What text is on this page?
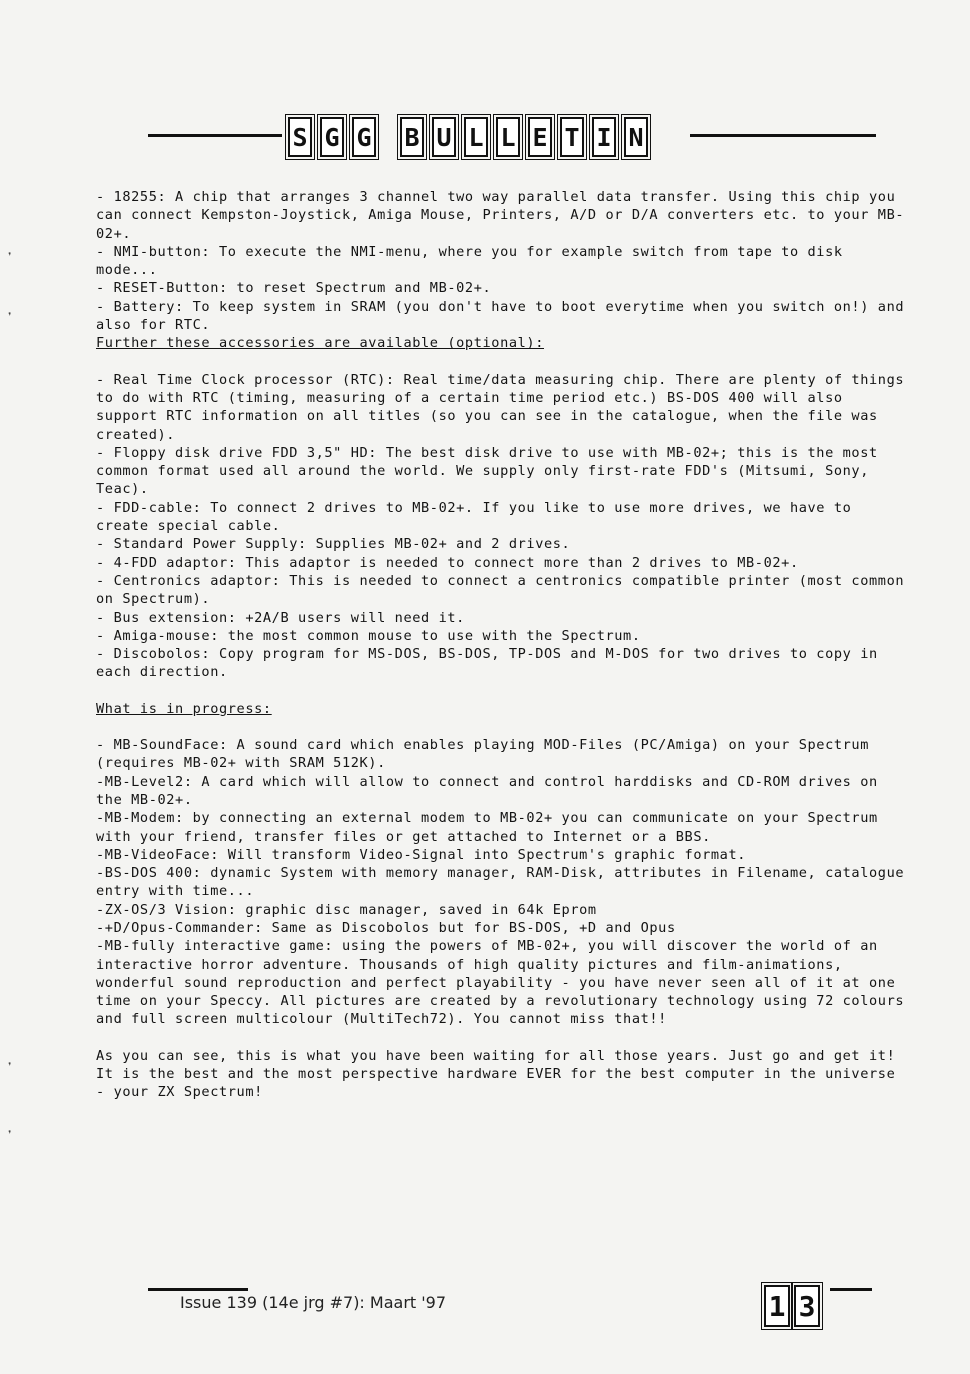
S G G B U L L E T I N

- 18255: A chip that arranges 3 channel two way parallel data transfer. Using this chip you can connect Kempston-Joystick, Amiga Mouse, Printers, A/D or D/A converters etc. to your MB-02+.

- NMI-button: To execute the NMI-menu, where you for example switch from tape to disk mode...

- RESET-Button: to reset Spectrum and MB-02+.

- Battery: To keep system in SRAM (you don't have to boot everytime when you switch on!) and also for RTC.

Further these accessories are available (optional):

- Real Time Clock processor (RTC): Real time/data measuring chip. There are plenty of things to do with RTC (timing, measuring of a certain time period etc.) BS-DOS 400 will also support RTC information on all titles (so you can see in the catalogue, when the file was created).

- Floppy disk drive FDD 3,5" HD: The best disk drive to use with MB-02+; this is the most common format used all around the world. We supply only first-rate FDD's (Mitsumi, Sony, Teac).

- FDD-cable: To connect 2 drives to MB-02+. If you like to use more drives, we have to create special cable.

- Standard Power Supply: Supplies MB-02+ and 2 drives.

- 4-FDD adaptor: This adaptor is needed to connect more than 2 drives to MB-02+.

- Centronics adaptor: This is needed to connect a centronics compatible printer (most common on Spectrum).

- Bus extension: +2A/B users will need it.

- Amiga-mouse: the most common mouse to use with the Spectrum.

- Discobolos: Copy program for MS-DOS, BS-DOS, TP-DOS and M-DOS for two drives to copy in each direction.

What is in progress:

- MB-SoundFace: A sound card which enables playing MOD-Files (PC/Amiga) on your Spectrum (requires MB-02+ with SRAM 512K).

-MB-Level2: A card which will allow to connect and control harddisks and CD-ROM drives on the MB-02+.

-MB-Modem: by connecting an external modem to MB-02+ you can communicate on your Spectrum with your friend, transfer files or get attached to Internet or a BBS.

-MB-VideoFace: Will transform Video-Signal into Spectrum's graphic format.

-BS-DOS 400: dynamic System with memory manager, RAM-Disk, attributes in Filename, catalogue entry with time...

-ZX-OS/3 Vision: graphic disc manager, saved in 64k Eprom

-+D/Opus-Commander: Same as Discobolos but for BS-DOS, +D and Opus

-MB-fully interactive game: using the powers of MB-02+, you will discover the world of an interactive horror adventure. Thousands of high quality pictures and film-animations, wonderful sound reproduction and perfect playability - you have never seen all of it at one time on your Speccy. All pictures are created by a revolutionary technology using 72 colours and full screen multicolour (MultiTech72). You cannot miss that!!

As you can see, this is what you have been waiting for all those years. Just go and get it! It is the best and the most perspective hardware EVER for the best computer in the universe - your ZX Spectrum!

Issue 139 (14e jrg #7): Maart '97	1 3
❜
❜
❜
❜
